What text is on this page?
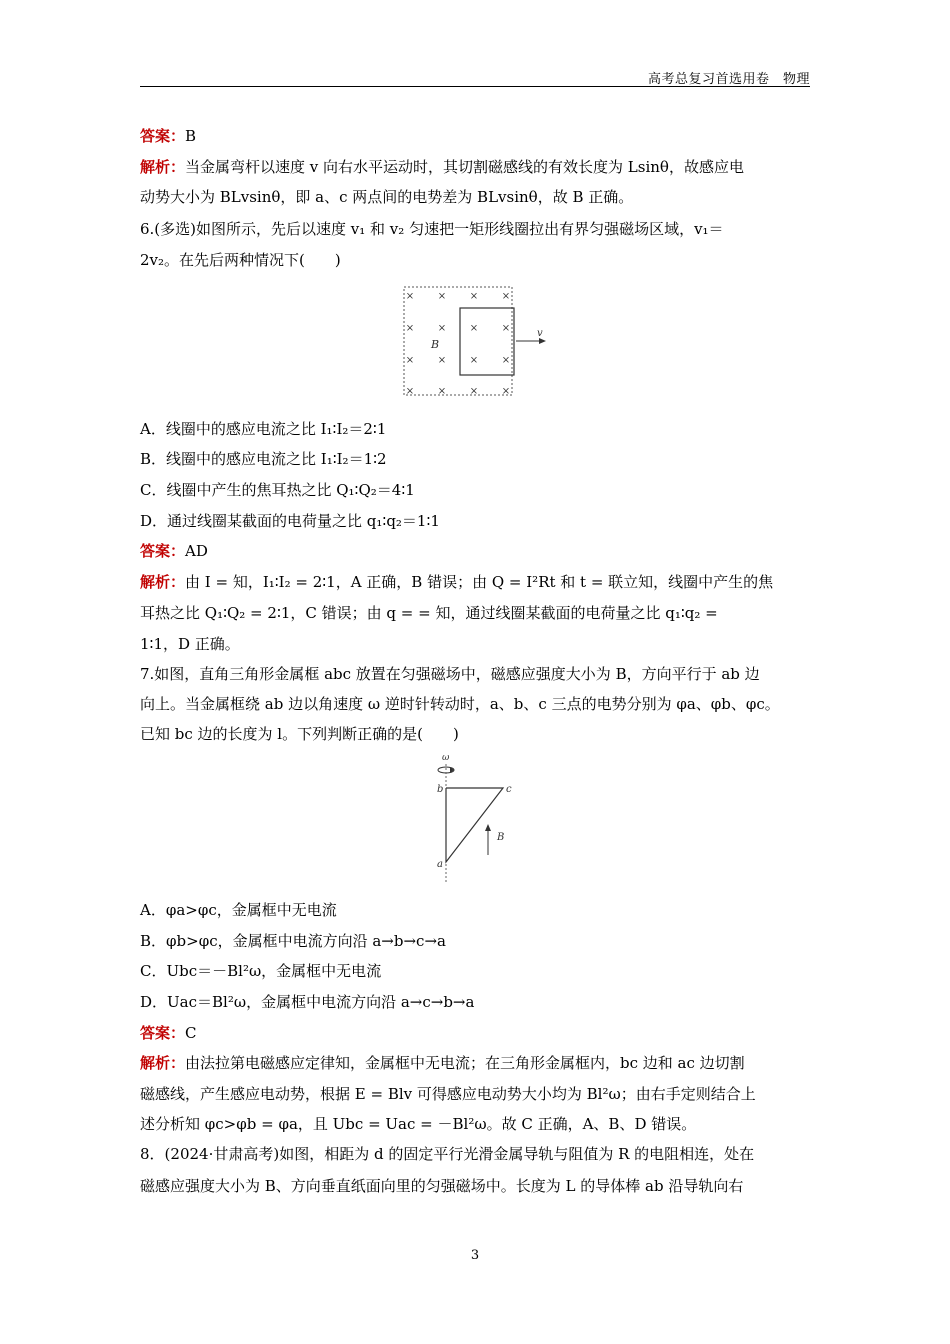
高考总复习首选用卷　物理
答案：B
解析：当金属弯杆以速度 v 向右水平运动时，其切割磁感线的有效长度为 Lsinθ，故感应电
动势大小为 BLvsinθ，即 a、c 两点间的电势差为 BLvsinθ，故 B 正确。
6.(多选)如图所示，先后以速度 v₁ 和 v₂ 匀速把一矩形线圈拉出有界匀强磁场区域，v₁＝
2v₂。在先后两种情况下(　　)
× × × ×
× × × ×
× × × ×
× × × ×
B
v
A．线圈中的感应电流之比 I₁∶I₂＝2∶1
B．线圈中的感应电流之比 I₁∶I₂＝1∶2
C．线圈中产生的焦耳热之比 Q₁∶Q₂＝4∶1
D．通过线圈某截面的电荷量之比 q₁∶q₂＝1∶1
答案：AD
解析：由 I = 知，I₁∶I₂ = 2∶1，A 正确，B 错误；由 Q = I²Rt 和 t = 联立知，线圈中产生的焦
耳热之比 Q₁∶Q₂ = 2∶1，C 错误；由 q = = 知，通过线圈某截面的电荷量之比 q₁∶q₂ =
1∶1，D 正确。
7.如图，直角三角形金属框 abc 放置在匀强磁场中，磁感应强度大小为 B，方向平行于 ab 边
向上。当金属框绕 ab 边以角速度 ω 逆时针转动时，a、b、c 三点的电势分别为 φa、φb、φc。
已知 bc 边的长度为 l。下列判断正确的是(　　)
ω
b	c
a
B
A．φa>φc，金属框中无电流
B．φb>φc，金属框中电流方向沿 a→b→c→a
C．Ubc＝－Bl²ω，金属框中无电流
D．Uac＝Bl²ω，金属框中电流方向沿 a→c→b→a
答案：C
解析：由法拉第电磁感应定律知，金属框中无电流；在三角形金属框内，bc 边和 ac 边切割
磁感线，产生感应电动势，根据 E = Blv 可得感应电动势大小均为 Bl²ω；由右手定则结合上
述分析知 φc>φb = φa，且 Ubc = Uac = －Bl²ω。故 C 正确，A、B、D 错误。
8．(2024·甘肃高考)如图，相距为 d 的固定平行光滑金属导轨与阻值为 R 的电阻相连，处在
磁感应强度大小为 B、方向垂直纸面向里的匀强磁场中。长度为 L 的导体棒 ab 沿导轨向右
3
